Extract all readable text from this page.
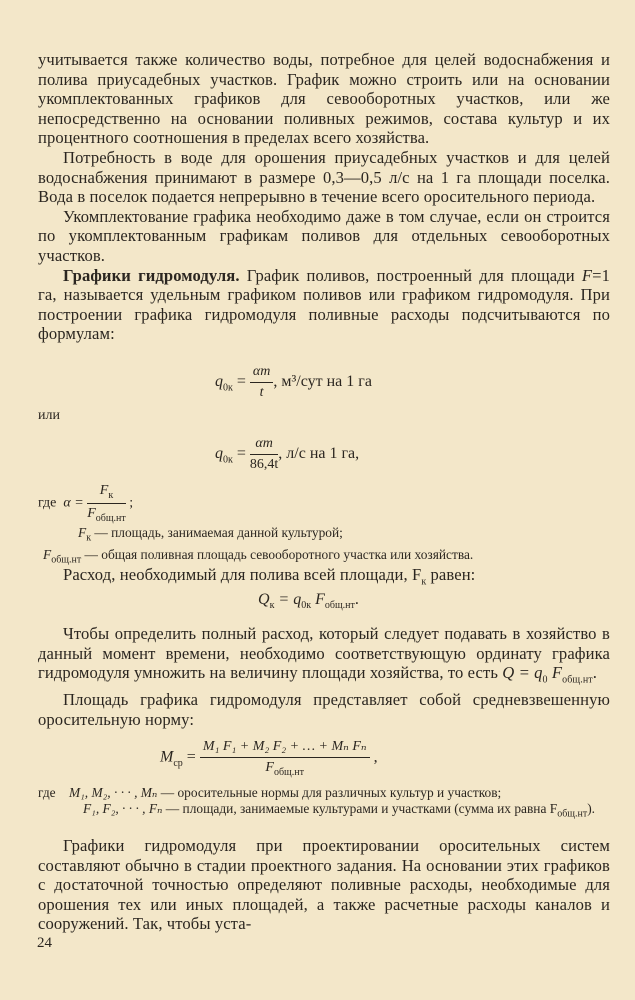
учитывается также количество воды, потребное для целей водоснабжения и полива приусадебных участков. График можно строить или на основании укомплектованных графиков для севооборотных участков, или же непосредственно на основании поливных режимов, состава культур и их процентного соотношения в пределах всего хозяйства.

Потребность в воде для орошения приусадебных участков и для целей водоснабжения принимают в размере 0,3—0,5 л/с на 1 га площади поселка. Вода в поселок подается непрерывно в течение всего оросительного периода.

Укомплектование графика необходимо даже в том случае, если он строится по укомплектованным графикам поливов для отдельных севооборотных участков.

Графики гидромодуля. График поливов, построенный для площади F=1 га, называется удельным графиком поливов или графиком гидромодуля. При построении графика гидромодуля поливные расходы подсчитываются по формулам:

$q_{0к} = \frac{\alpha m}{t}$ , м³/сут на 1 га
или
$q_{0к} = \frac{\alpha m}{86,4t}$ , л/с на 1 га,
где $\alpha = \frac{F_к}{F_{общ.нт}}$ ;
$F_к$ — площадь, занимаемая данной культурой;
$F_{общ.нт}$ — общая поливная площадь севооборотного участка или хозяйства.

Расход, необходимый для полива всей площади, $F_к$ равен:

$Q_к = q_{0к}$ $F_{общ.нт}$.

Чтобы определить полный расход, который следует подавать в хозяйство в данный момент времени, необходимо соответствующую ординату графика гидромодуля умножить на величину площади хозяйства, то есть $Q = q_0$ $F_{общ.нт}$.

Площадь графика гидромодуля представляет собой средневзвешенную оросительную норму:

$M_{ср} = \frac{\text{M₁ F₁ + M₂ F₂ + … + Mₙ Fₙ}}{F_{общ.нт}}$ ,
где M₁, M₂, · · · , Mₙ — оросительные нормы для различных культур и участков;
F₁, F₂, · · · , Fₙ — площади, занимаемые культурами и участками (сумма их равна $F_{общ.нт}$).

Графики гидромодуля при проектировании оросительных систем составляют обычно в стадии проектного задания. На основании этих графиков с достаточной точностью определяют поливные расходы, необходимые для орошения тех или иных площадей, а также расчетные расходы каналов и сооружений. Так, чтобы уста-

24
